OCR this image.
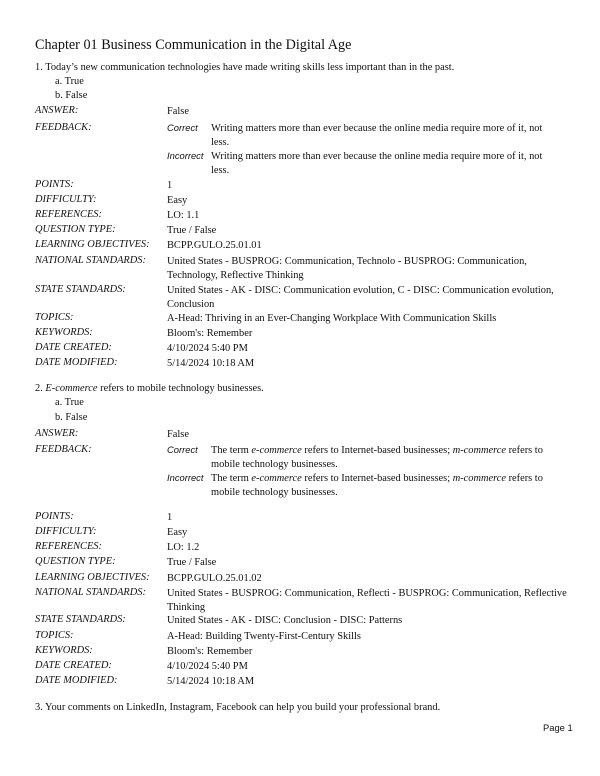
Chapter 01 Business Communication in the Digital Age
1. Today’s new communication technologies have made writing skills less important than in the past.
a. True
b. False
ANSWER:	False
FEEDBACK:	Correct Writing matters more than ever because the online media require more of it, not less.
Incorrect Writing matters more than ever because the online media require more of it, not less.
POINTS:	1
DIFFICULTY:	Easy
REFERENCES:	LO: 1.1
QUESTION TYPE:	True / False
LEARNING OBJECTIVES: BCPP.GULO.25.01.01
NATIONAL STANDARDS: United States - BUSPROG: Communication, Technolo - BUSPROG: Communication, Technology, Reflective Thinking
STATE STANDARDS:	United States - AK - DISC: Communication evolution, C - DISC: Communication evolution, Conclusion
TOPICS:	A-Head: Thriving in an Ever-Changing Workplace With Communication Skills
KEYWORDS:	Bloom's: Remember
DATE CREATED:	4/10/2024 5:40 PM
DATE MODIFIED:	5/14/2024 10:18 AM
2. E-commerce refers to mobile technology businesses.
a. True
b. False
ANSWER:	False
FEEDBACK:	Correct The term e-commerce refers to Internet-based businesses; m-commerce refers to mobile technology businesses.
Incorrect The term e-commerce refers to Internet-based businesses; m-commerce refers to mobile technology businesses.
POINTS:	1
DIFFICULTY:	Easy
REFERENCES:	LO: 1.2
QUESTION TYPE:	True / False
LEARNING OBJECTIVES: BCPP.GULO.25.01.02
NATIONAL STANDARDS: United States - BUSPROG: Communication, Reflecti - BUSPROG: Communication, Reflective Thinking
STATE STANDARDS:	United States - AK - DISC: Conclusion - DISC: Patterns
TOPICS:	A-Head: Building Twenty-First-Century Skills
KEYWORDS:	Bloom's: Remember
DATE CREATED:	4/10/2024 5:40 PM
DATE MODIFIED:	5/14/2024 10:18 AM
3. Your comments on LinkedIn, Instagram, Facebook can help you build your professional brand.
Page 1
